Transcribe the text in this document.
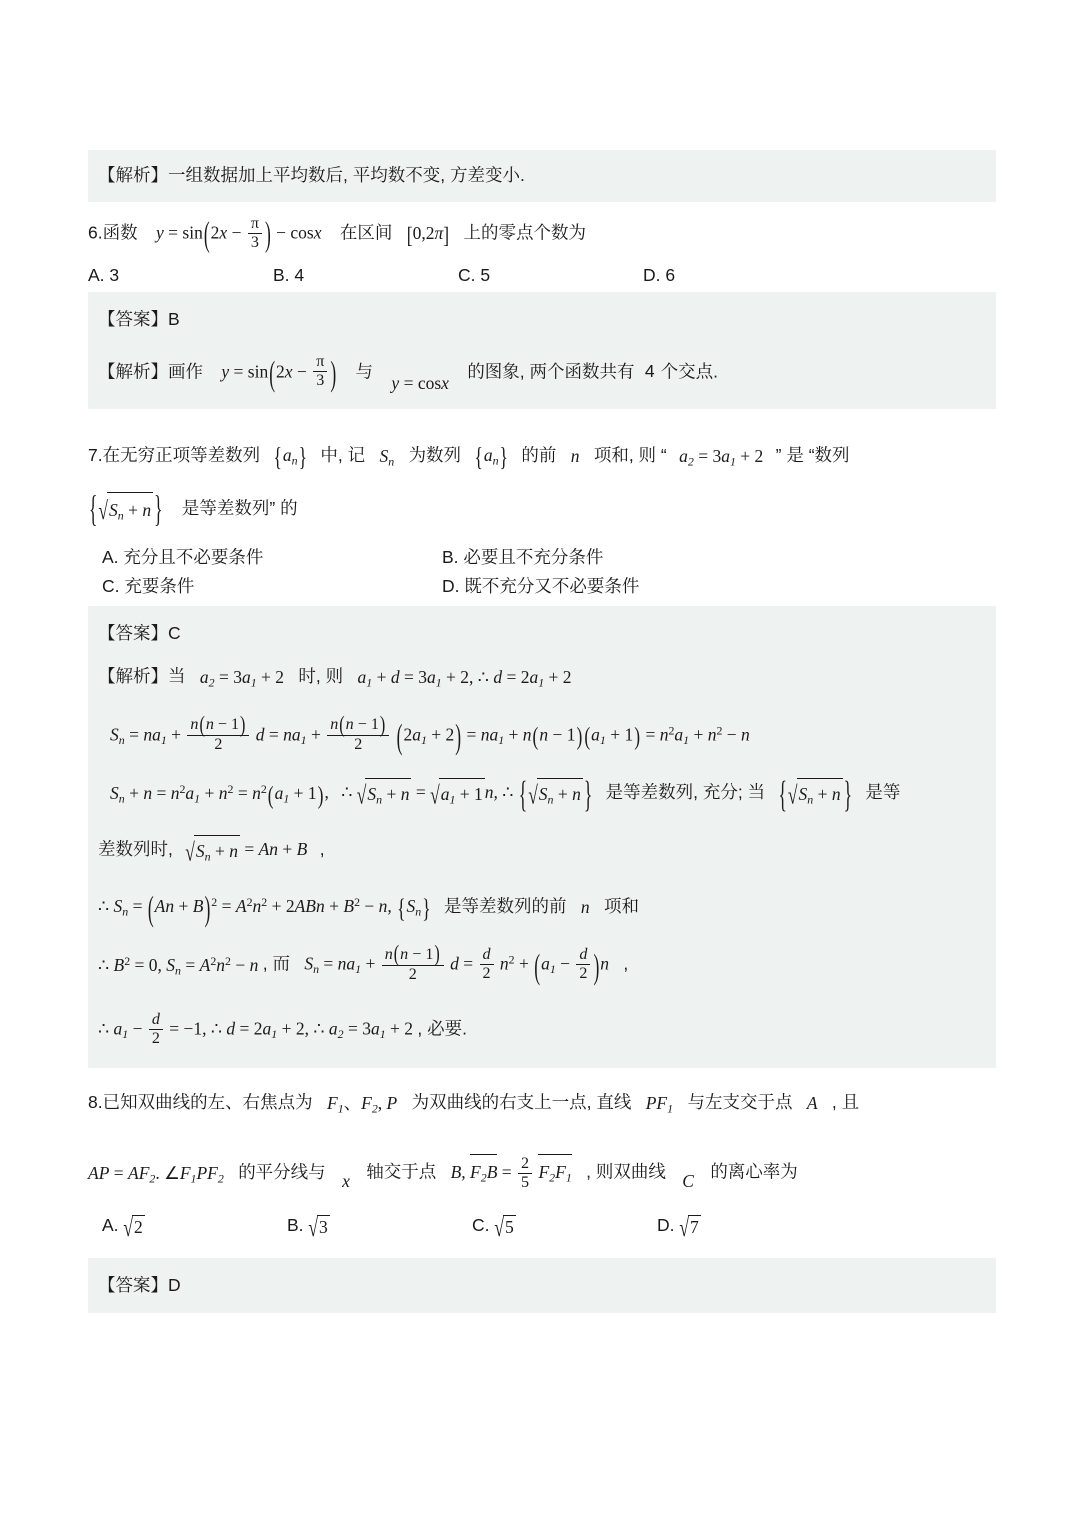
【解析】一组数据加上平均数后, 平均数不变, 方差变小.
6.函数 $y = \sin(2x - \frac{\pi}{3}$ ) − cosx 在区间 [0,2π] 上的零点个数为
A. 3	B. 4	C. 5	D. 6
【答案】B
【解析】画作 $y = \sin(2x - \frac{\pi}{3}$ ) 与 y = cosx 的图象, 两个函数共有 4 个交点.
7.在无穷正项等差数列 $\{a_n\}$ 中, 记 $S_n$ 为数列 $\{a_n\}$ 的前 n 项和, 则 “ $a_2 = 3a_1 + 2$ ” 是 “数列
{$√S_n + n$ } 是等差数列” 的
A. 充分且不必要条件	B. 必要且不充分条件
C. 充要条件	D. 既不充分又不必要条件
【答案】C
【解析】当 $a_2 = 3a_1 + 2$ 时, 则 $a_1 + d = 3a_1 + 2$, ∴ $d = 2a_1 + 2$
$S_n = na_1 + \frac{n(n - 1)}{2}$ $d = na_1 + \frac{n(n - 1)}{2} (2a_1 + 2) = na_1 + n(n - 1) (a_1 + 1) = n^2a_1 + n^2 - n$
$S_n + n = n^2a_1 + n^2 = n^2(a_1 + 1)$, ∴ $√S_n + n = √a_1 + 1$ n, ∴ {$√S_n + n$ } 是等差数列, 充分; 当 {$√S_n + n$ } 是等
差数列时, $√S_n + n = An + B$ ,
∴ $S_n = (An + B)^2 = A^2n^2 + 2ABn + B^2 - n$, $\{S_n\}$ 是等差数列的前 n 项和
∴ $B^2 = 0$, $S_n = A^2n^2 - n$ , 而 $S_n = na_1 + \frac{n(n - 1)}{2}$ $d = \frac{d}{2} n^2 + (a_1 - \frac{d}{2} )n$ ,
∴ $a_1 - \frac{d}{2} = -1$, ∴ $d = 2a_1 + 2$, ∴ $a_2 = 3a_1 + 2$ , 必要.
8.已知双曲线的左、右焦点为 $F_1$、$F_2$, P 为双曲线的右支上一点, 直线 $PF_1$ 与左支交于点 A , 且
AP = $AF_2$. $\angle F_1PF_2$ 的平分线与 x 轴交于点 B, $F_2B = \frac{2}{5} F_2F_1$ , 则双曲线 C 的离心率为
A. √2	B. √3	C. √5	D. √7
【答案】D
